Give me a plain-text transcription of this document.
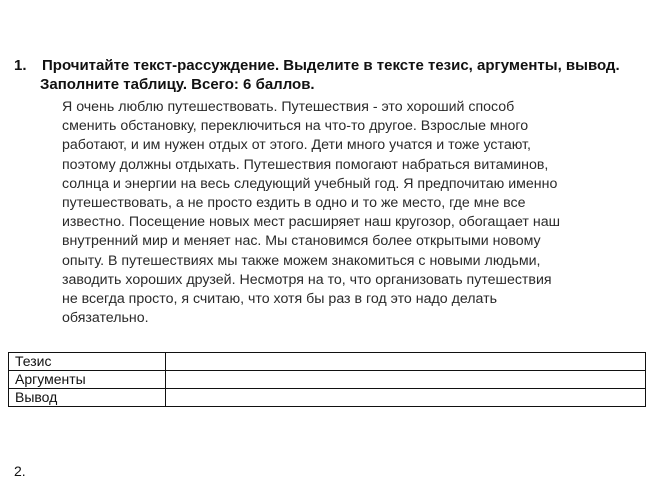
1.	Прочитайте текст-рассуждение. Выделите в тексте тезис, аргументы, вывод.
Заполните таблицу. Всего: 6 баллов.
Я очень люблю путешествовать. Путешествия - это хороший способ
сменить обстановку, переключиться на что-то другое. Взрослые много
работают, и им нужен отдых от этого. Дети много учатся и тоже устают,
поэтому должны отдыхать. Путешествия помогают набраться витаминов,
солнца и энергии на весь следующий учебный год. Я предпочитаю именно
путешествовать, а не просто ездить в одно и то же место, где мне все
известно. Посещение новых мест расширяет наш кругозор, обогащает наш
внутренний мир и меняет нас. Мы становимся более открытыми новому
опыту. В путешествиях мы также можем знакомиться с новыми людьми,
заводить хороших друзей. Несмотря на то, что организовать путешествия
не всегда просто, я считаю, что хотя бы раз в год это надо делать
обязательно.
Тезис	
Аргументы	
Вывод	
2.
